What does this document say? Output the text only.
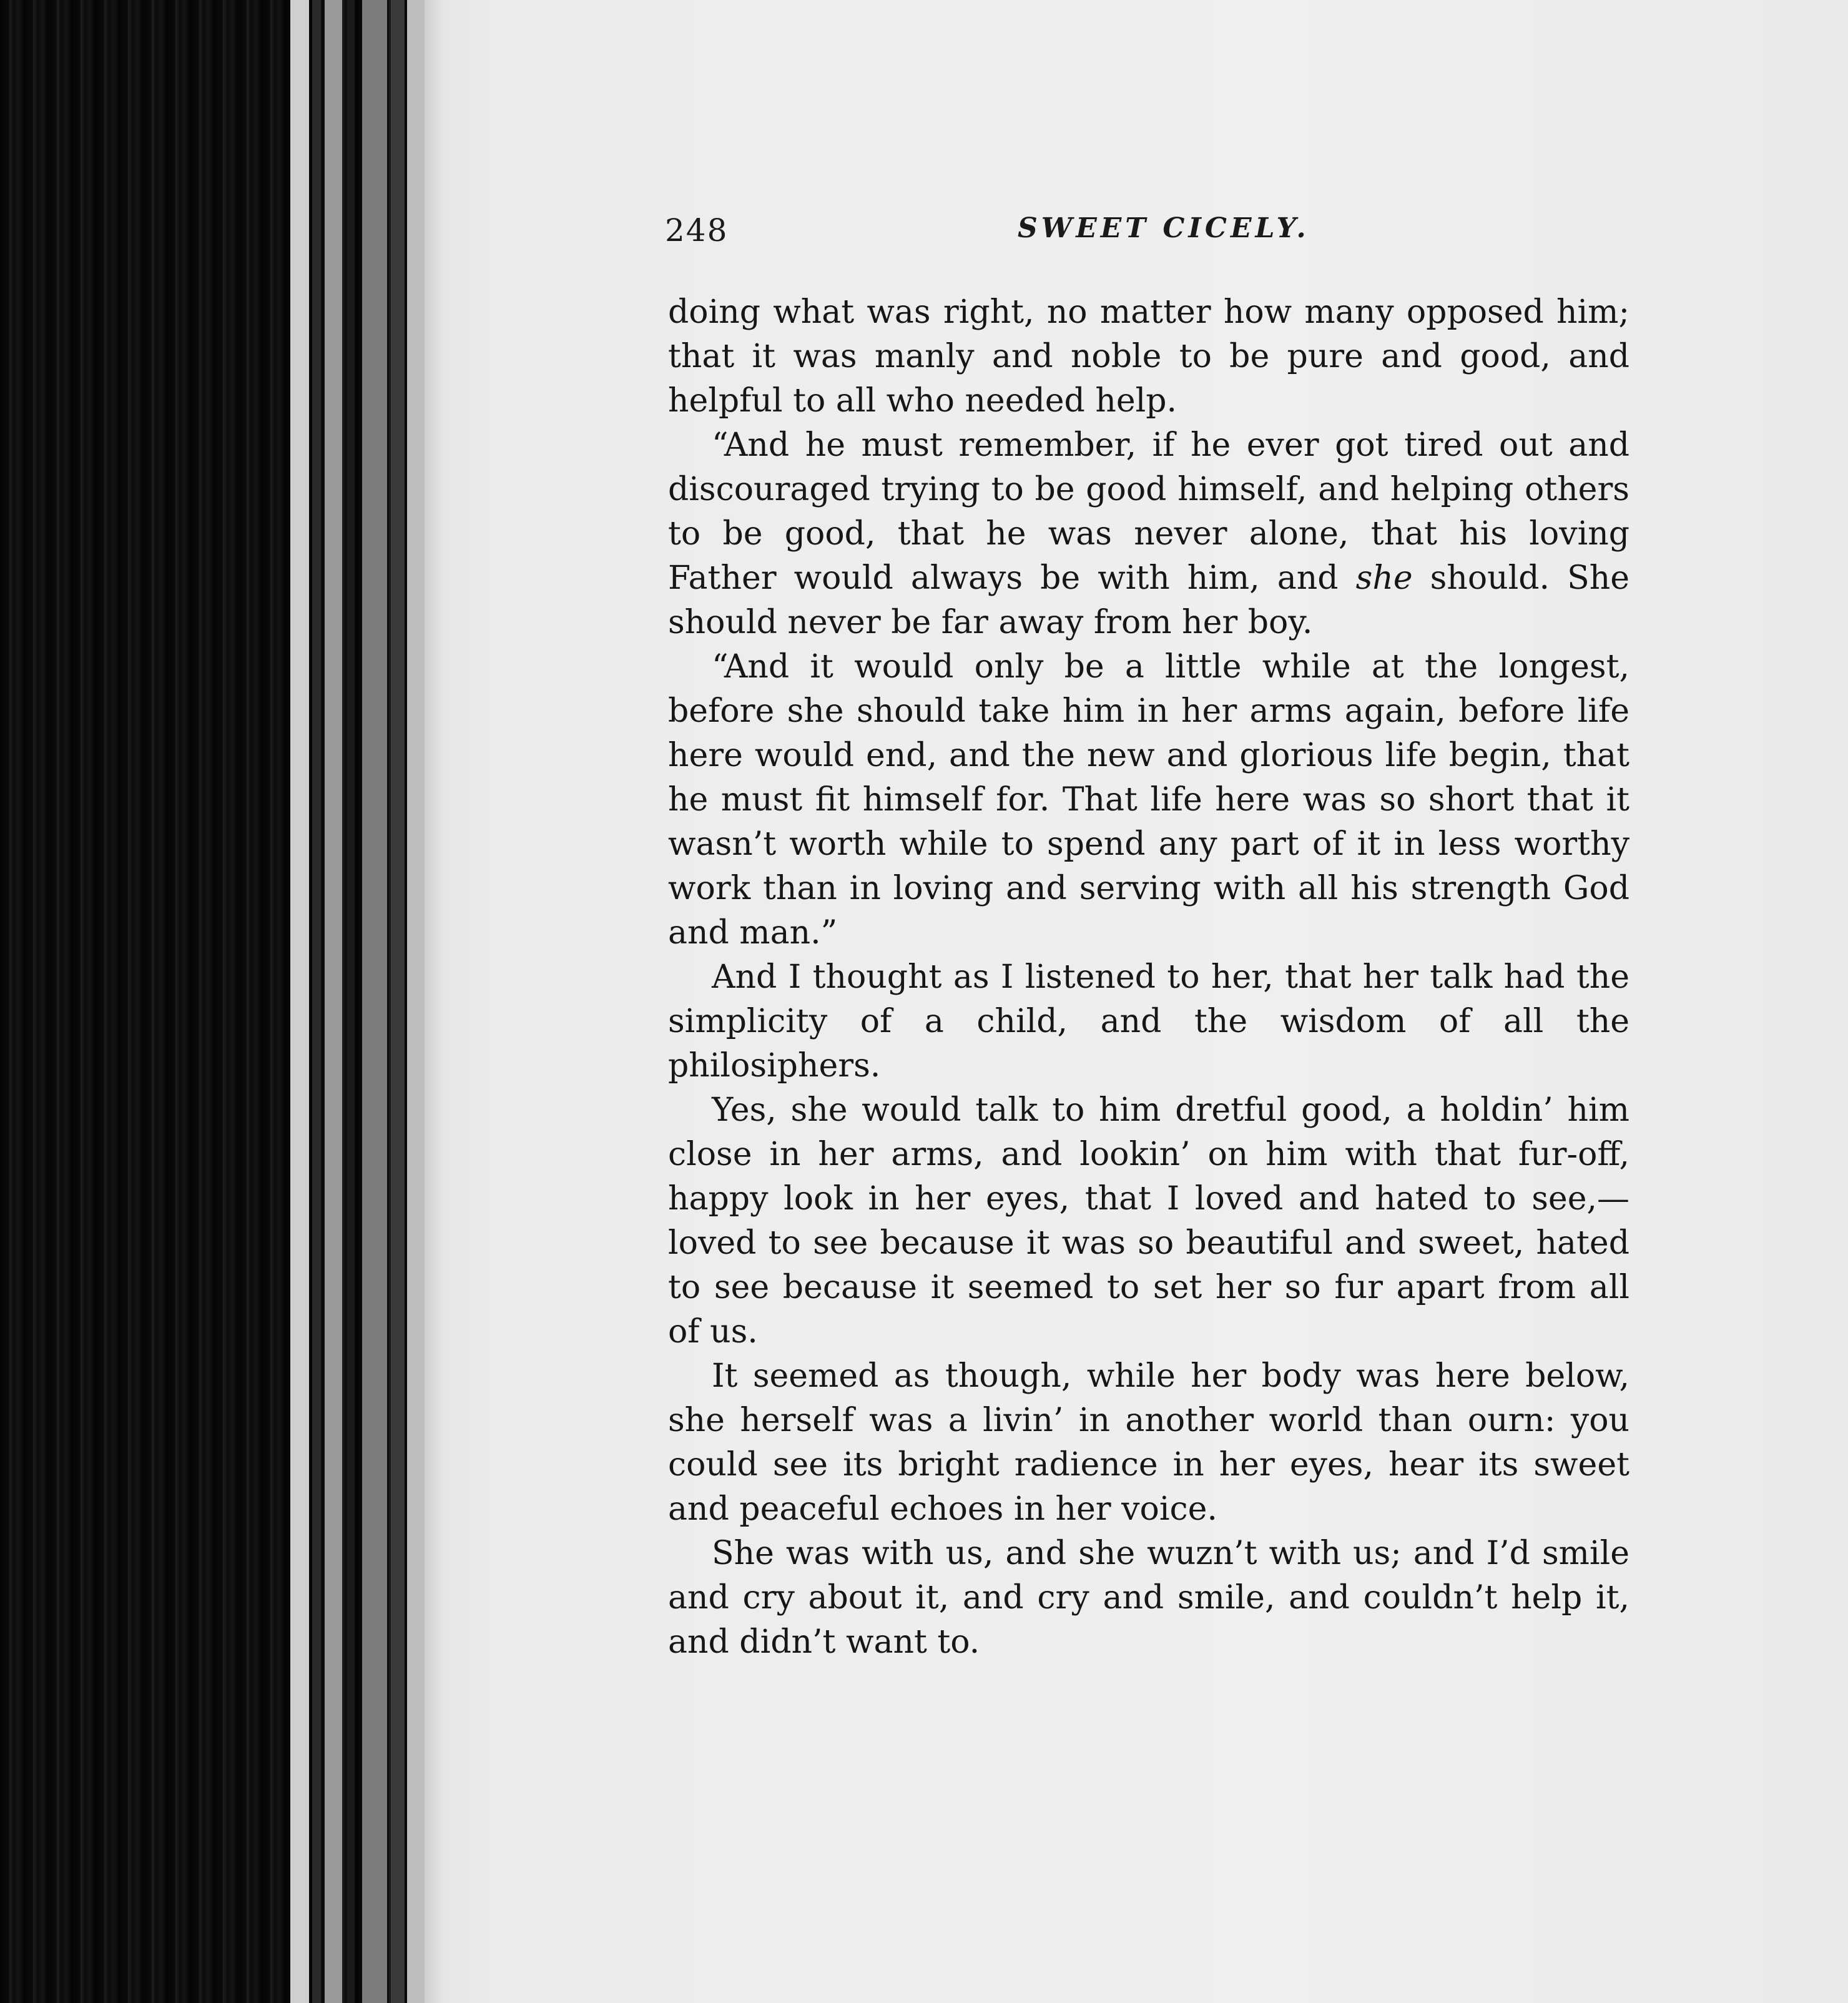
248	SWEET CICELY.

doing what was right, no matter how many opposed him; that it was manly and noble to be pure and good, and helpful to all who needed help.

“And he must remember, if he ever got tired out and discouraged trying to be good himself, and helping others to be good, that he was never alone, that his loving Father would always be with him, and she should. She should never be far away from her boy.

“And it would only be a little while at the longest, before she should take him in her arms again, before life here would end, and the new and glorious life begin, that he must fit himself for. That life here was so short that it wasn’t worth while to spend any part of it in less worthy work than in loving and serving with all his strength God and man.”

And I thought as I listened to her, that her talk had the simplicity of a child, and the wisdom of all the philosiphers.

Yes, she would talk to him dretful good, a holdin’ him close in her arms, and lookin’ on him with that fur-off, happy look in her eyes, that I loved and hated to see,— loved to see because it was so beautiful and sweet, hated to see because it seemed to set her so fur apart from all of us.

It seemed as though, while her body was here below, she herself was a livin’ in another world than ourn: you could see its bright radience in her eyes, hear its sweet and peaceful echoes in her voice.

She was with us, and she wuzn’t with us; and I’d smile and cry about it, and cry and smile, and couldn’t help it, and didn’t want to.
